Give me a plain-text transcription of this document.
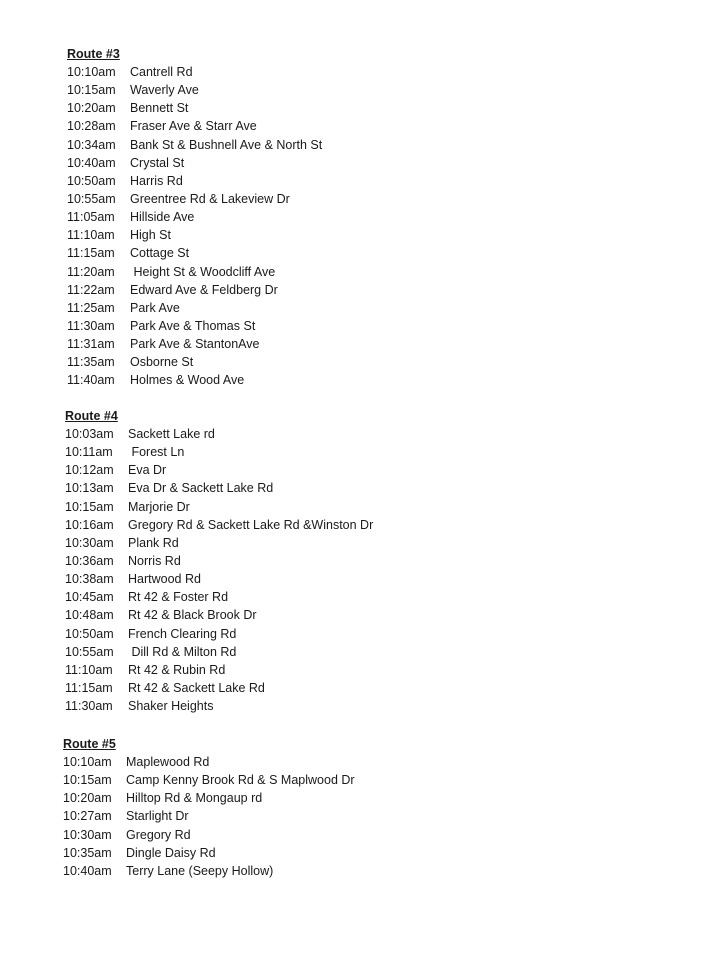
Route #3
10:10am Cantrell Rd
10:15am Waverly Ave
10:20am Bennett St
10:28am Fraser Ave & Starr Ave
10:34am Bank St & Bushnell Ave & North St
10:40am Crystal St
10:50am Harris Rd
10:55am Greentree Rd & Lakeview Dr
11:05am Hillside Ave
11:10am High St
11:15am Cottage St
11:20am Height St & Woodcliff Ave
11:22am Edward Ave & Feldberg Dr
11:25am Park Ave
11:30am Park Ave & Thomas St
11:31am Park Ave & StantonAve
11:35am Osborne St
11:40am Holmes & Wood Ave
Route #4
10:03am Sackett Lake rd
10:11am Forest Ln
10:12am Eva Dr
10:13am Eva Dr & Sackett Lake Rd
10:15am Marjorie Dr
10:16am Gregory Rd & Sackett Lake Rd &Winston Dr
10:30am Plank Rd
10:36am Norris Rd
10:38am Hartwood Rd
10:45am Rt 42 & Foster Rd
10:48am Rt 42 & Black Brook Dr
10:50am French Clearing Rd
10:55am Dill Rd & Milton Rd
11:10am Rt 42 & Rubin Rd
11:15am Rt 42 & Sackett Lake Rd
11:30am Shaker Heights
Route #5
10:10am Maplewood Rd
10:15am Camp Kenny Brook Rd & S Maplwood Dr
10:20am Hilltop Rd & Mongaup rd
10:27am Starlight Dr
10:30am Gregory Rd
10:35am Dingle Daisy Rd
10:40am Terry Lane (Seepy Hollow)
